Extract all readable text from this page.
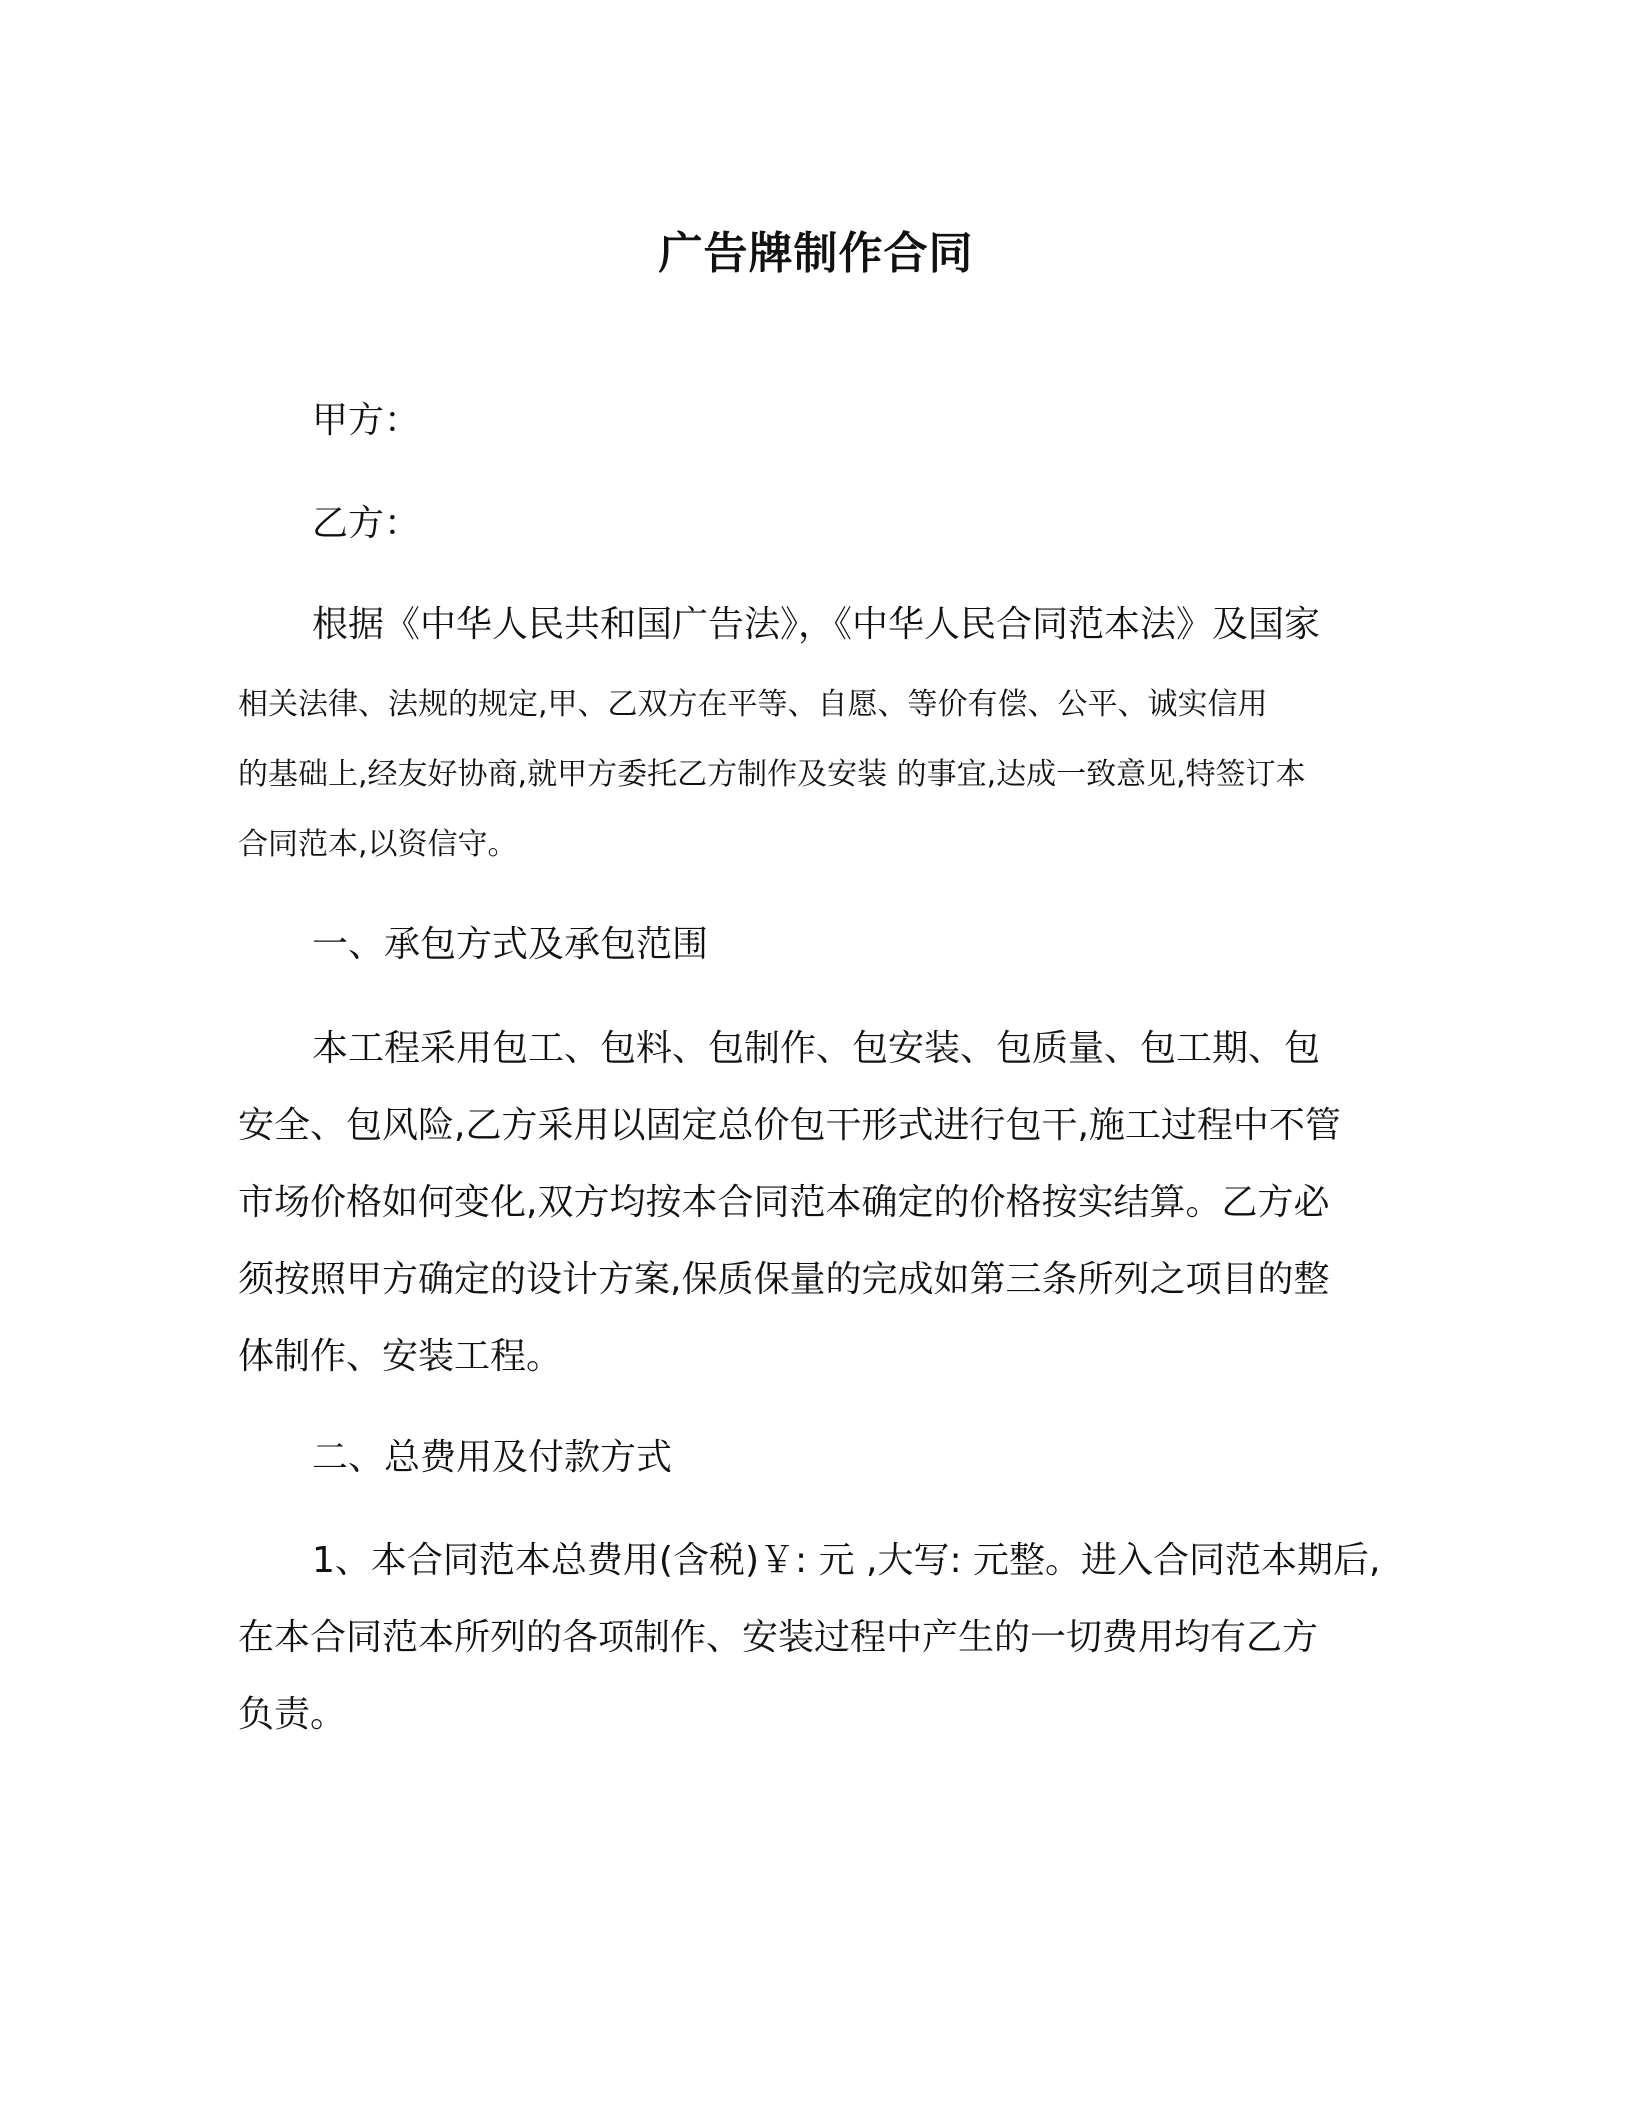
广告牌制作合同
甲方：
乙方：
根据《中华人民共和国广告法》，《中华人民合同范本法》及国家
相关法律、法规的规定,甲、乙双方在平等、自愿、等价有偿、公平、诚实信用
的基础上,经友好协商,就甲方委托乙方制作及安装 的事宜,达成一致意见,特签订本
合同范本,以资信守。
一、承包方式及承包范围
本工程采用包工、包料、包制作、包安装、包质量、包工期、包
安全、包风险,乙方采用以固定总价包干形式进行包干,施工过程中不管
市场价格如何变化,双方均按本合同范本确定的价格按实结算。乙方必
须按照甲方确定的设计方案,保质保量的完成如第三条所列之项目的整
体制作、安装工程。
二、总费用及付款方式
1、本合同范本总费用(含税)￥: 元 ,大写: 元整。进入合同范本期后,
在本合同范本所列的各项制作、安装过程中产生的一切费用均有乙方
负责。
